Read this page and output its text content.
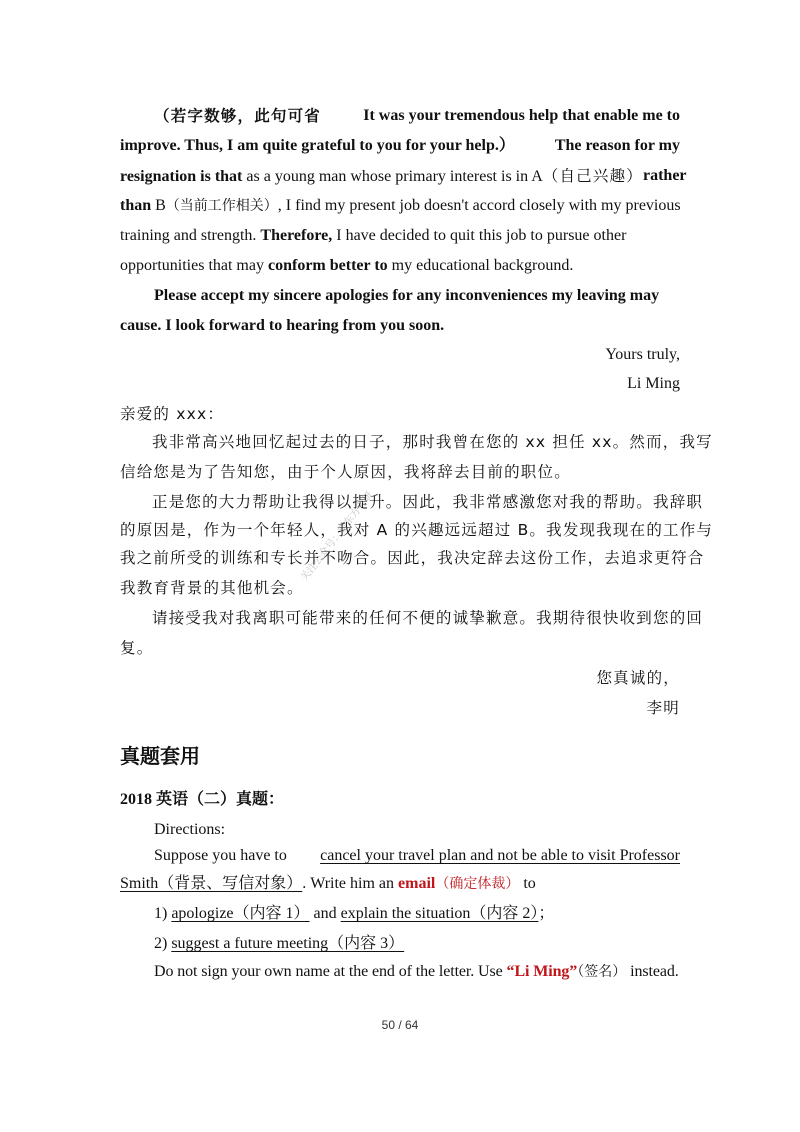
（若字数够，此句可省	It was your tremendous help that enable me to
improve. Thus, I am quite grateful to you for your help.） The reason for my
resignation is that as a young man whose primary interest is in A（自己兴趣） rather
than B（当前工作相关）, I find my present job doesn't accord closely with my previous
training and strength. Therefore, I have decided to quit this job to pursue other
opportunities that may conform better to my educational background.
Please accept my sincere apologies for any inconveniences my leaving may
cause. I look forward to hearing from you soon.
Yours truly,
Li Ming
亲爱的 xxx：
我非常高兴地回忆起过去的日子，那时我曾在您的 xx 担任 xx。然而，我写
信给您是为了告知您，由于个人原因，我将辞去目前的职位。
正是您的大力帮助让我得以提升。因此，我非常感激您对我的帮助。我辞职
的原因是，作为一个年轻人，我对 A 的兴趣远远超过 B。我发现我现在的工作与
我之前所受的训练和专长并不吻合。因此，我决定辞去这份工作，去追求更符合
我教育背景的其他机会。
请接受我对我离职可能带来的任何不便的诚挚歉意。我期待很快收到您的回
复。
您真诚的，
李明
真题套用
2018 英语（二）真题：
Directions:
Suppose you have to cancel your travel plan and not be able to visit Professor
Smith（背景、写信对象）. Write him an email（确定体裁） to
1) apologize（内容 1） and explain the situation（内容 2）；
2) suggest a future meeting（内容 3）
Do not sign your own name at the end of the letter. Use “Li Ming”（签名） instead.
关注公众号：新东方考研
50 / 64
